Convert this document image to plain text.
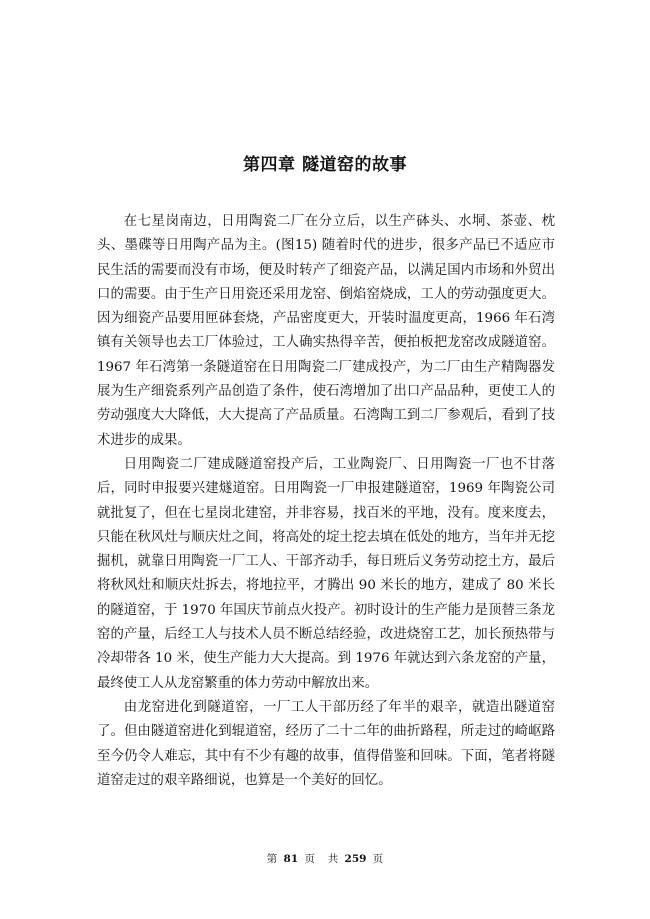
第四章 隧道窑的故事

在七星岗南边，日用陶瓷二厂在分立后，以生产砵头、水垌、茶壶、枕头、墨碟等日用陶产品为主。(图15) 随着时代的进步，很多产品已不适应市民生活的需要而没有市场，便及时转产了细瓷产品，以满足国内市场和外贸出口的需要。由于生产日用瓷还采用龙窑、倒焰窑烧成，工人的劳动强度更大。因为细瓷产品要用匣砵套烧，产品密度更大，开装时温度更高，1966 年石湾镇有关领导也去工厂体验过，工人确实热得辛苦，便拍板把龙窑改成隧道窑。1967 年石湾第一条隧道窑在日用陶瓷二厂建成投产，为二厂由生产精陶器发展为生产细瓷系列产品创造了条件，使石湾增加了出口产品品种，更使工人的劳动强度大大降低，大大提高了产品质量。石湾陶工到二厂参观后，看到了技术进步的成果。

日用陶瓷二厂建成隧道窑投产后，工业陶瓷厂、日用陶瓷一厂也不甘落后，同时申报要兴建燧道窑。日用陶瓷一厂申报建隧道窑，1969 年陶瓷公司就批复了，但在七星岗北建窑，并非容易，找百米的平地，没有。度来度去，只能在秋风灶与顺庆灶之间，将高处的埞土挖去填在低处的地方，当年并无挖掘机，就靠日用陶瓷一厂工人、干部齐动手，每日班后义务劳动挖土方，最后将秋风灶和顺庆灶拆去，将地拉平，才腾出 90 米长的地方，建成了 80 米长的隧道窑，于 1970 年国庆节前点火投产。初时设计的生产能力是顶替三条龙窑的产量，后经工人与技术人员不断总结经验，改进烧窑工艺，加长预热带与冷却带各 10 米，使生产能力大大提高。到 1976 年就达到六条龙窑的产量，最终使工人从龙窑繁重的体力劳动中解放出来。

由龙窑进化到隧道窑，一厂工人干部历经了年半的艰辛，就造出隧道窑了。但由隧道窑进化到辊道窑，经历了二十二年的曲折路程，所走过的崎岖路至今仍令人难忘，其中有不少有趣的故事，值得借鉴和回味。下面，笔者将隧道窑走过的艰辛路细说，也算是一个美好的回忆。

第 81 页 共 259 页
